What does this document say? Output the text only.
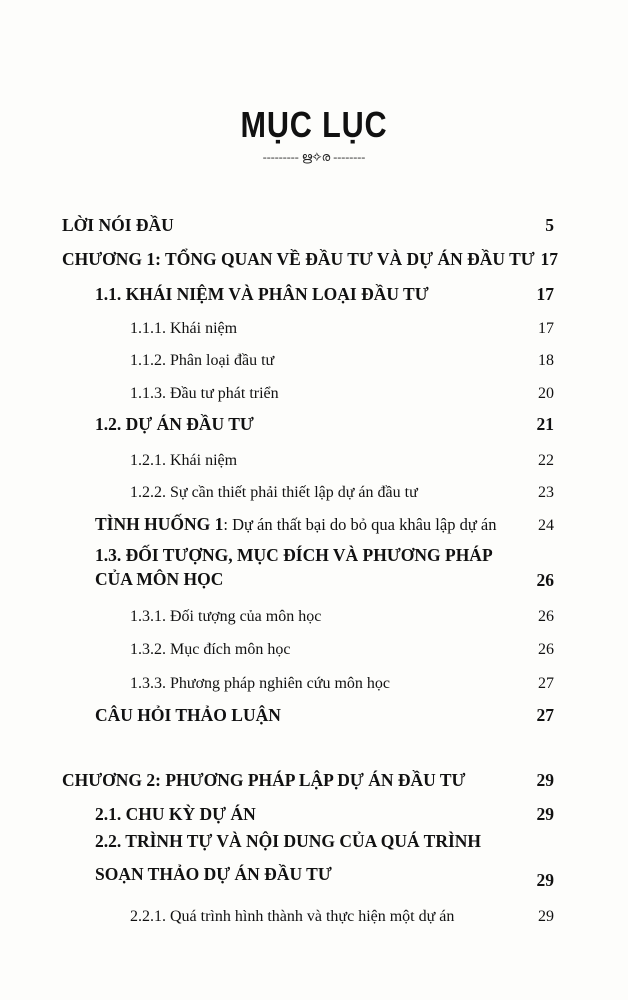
MỤC LỤC
--------- ഋ✧ര --------
LỜI NÓI ĐẦU	5
CHƯƠNG 1: TỔNG QUAN VỀ ĐẦU TƯ VÀ DỰ ÁN ĐẦU TƯ 17
1.1. KHÁI NIỆM VÀ PHÂN LOẠI ĐẦU TƯ	17
1.1.1. Khái niệm	17
1.1.2. Phân loại đầu tư	18
1.1.3. Đầu tư phát triển	20
1.2. DỰ ÁN ĐẦU TƯ	21
1.2.1. Khái niệm	22
1.2.2. Sự cần thiết phải thiết lập dự án đầu tư	23
TÌNH HUỐNG 1: Dự án thất bại do bỏ qua khâu lập dự án	24
1.3. ĐỐI TƯỢNG, MỤC ĐÍCH VÀ PHƯƠNG PHÁP CỦA MÔN HỌC	26
1.3.1. Đối tượng của môn học	26
1.3.2. Mục đích môn học	26
1.3.3. Phương pháp nghiên cứu môn học	27
CÂU HỎI THẢO LUẬN	27
CHƯƠNG 2: PHƯƠNG PHÁP LẬP DỰ ÁN ĐẦU TƯ	29
2.1. CHU KỲ DỰ ÁN	29
2.2. TRÌNH TỰ VÀ NỘI DUNG CỦA QUÁ TRÌNH SOẠN THẢO DỰ ÁN ĐẦU TƯ	29
2.2.1. Quá trình hình thành và thực hiện một dự án	29
